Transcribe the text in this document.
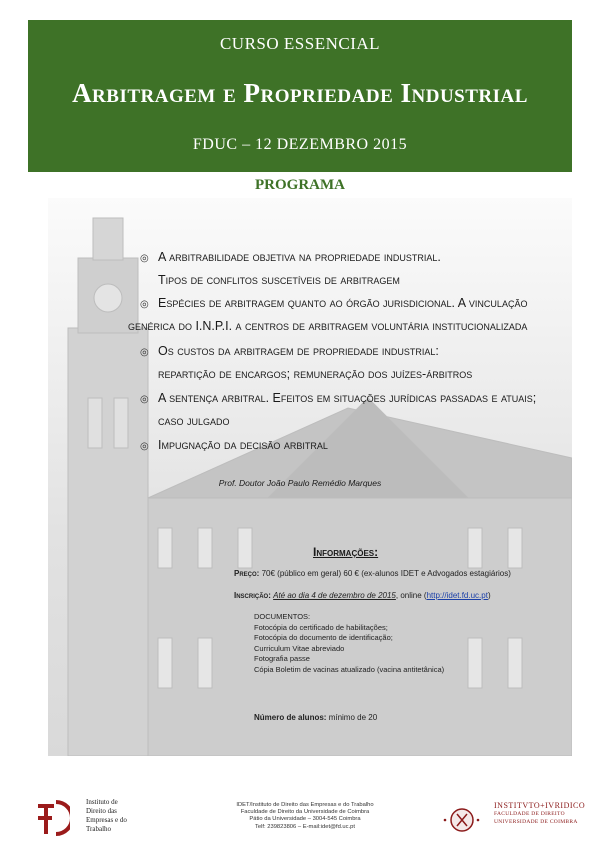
CURSO ESSENCIAL
Arbitragem e Propriedade Industrial
FDUC – 12 DEZEMBRO 2015
PROGRAMA
◎ A arbitrabilidade objetiva na propriedade industrial.
Tipos de conflitos suscetíveis de arbitragem
◎ Espécies de arbitragem quanto ao órgão jurisdicional. A vinculação
genérica do I.N.P.I. a centros de arbitragem voluntária institucionalizada
◎ Os custos da arbitragem de propriedade industrial:
repartição de encargos; remuneração dos juízes-árbitros
◎ A sentença arbitral. Efeitos em situações jurídicas passadas e atuais;
caso julgado
◎ Impugnação da decisão arbitral
Prof. Doutor João Paulo Remédio Marques
Informações:
Preço: 70€ (público em geral) 60 € (ex-alunos IDET e Advogados estagiários)
Inscrição: Até ao dia 4 de dezembro de 2015, online (http://idet.fd.uc.pt)
DOCUMENTOS:
Fotocópia do certificado de habilitações;
Fotocópia do documento de identificação;
Curriculum Vitae abreviado
Fotografia passe
Cópia Boletim de vacinas atualizado (vacina antitetânica)
Número de alunos: mínimo de 20
Instituto de
Direito das
Empresas e do
Trabalho
IDET/Instituto de Direito das Empresas e do Trabalho
Faculdade de Direito da Universidade de Coimbra
Pátio da Universidade – 3004-545 Coimbra
Telf: 239823806 – E-mail:idet@fd.uc.pt
INSTITVTO+IVRIDICO
FACULDADE DE DIREITO
UNIVERSIDADE DE COIMBRA
